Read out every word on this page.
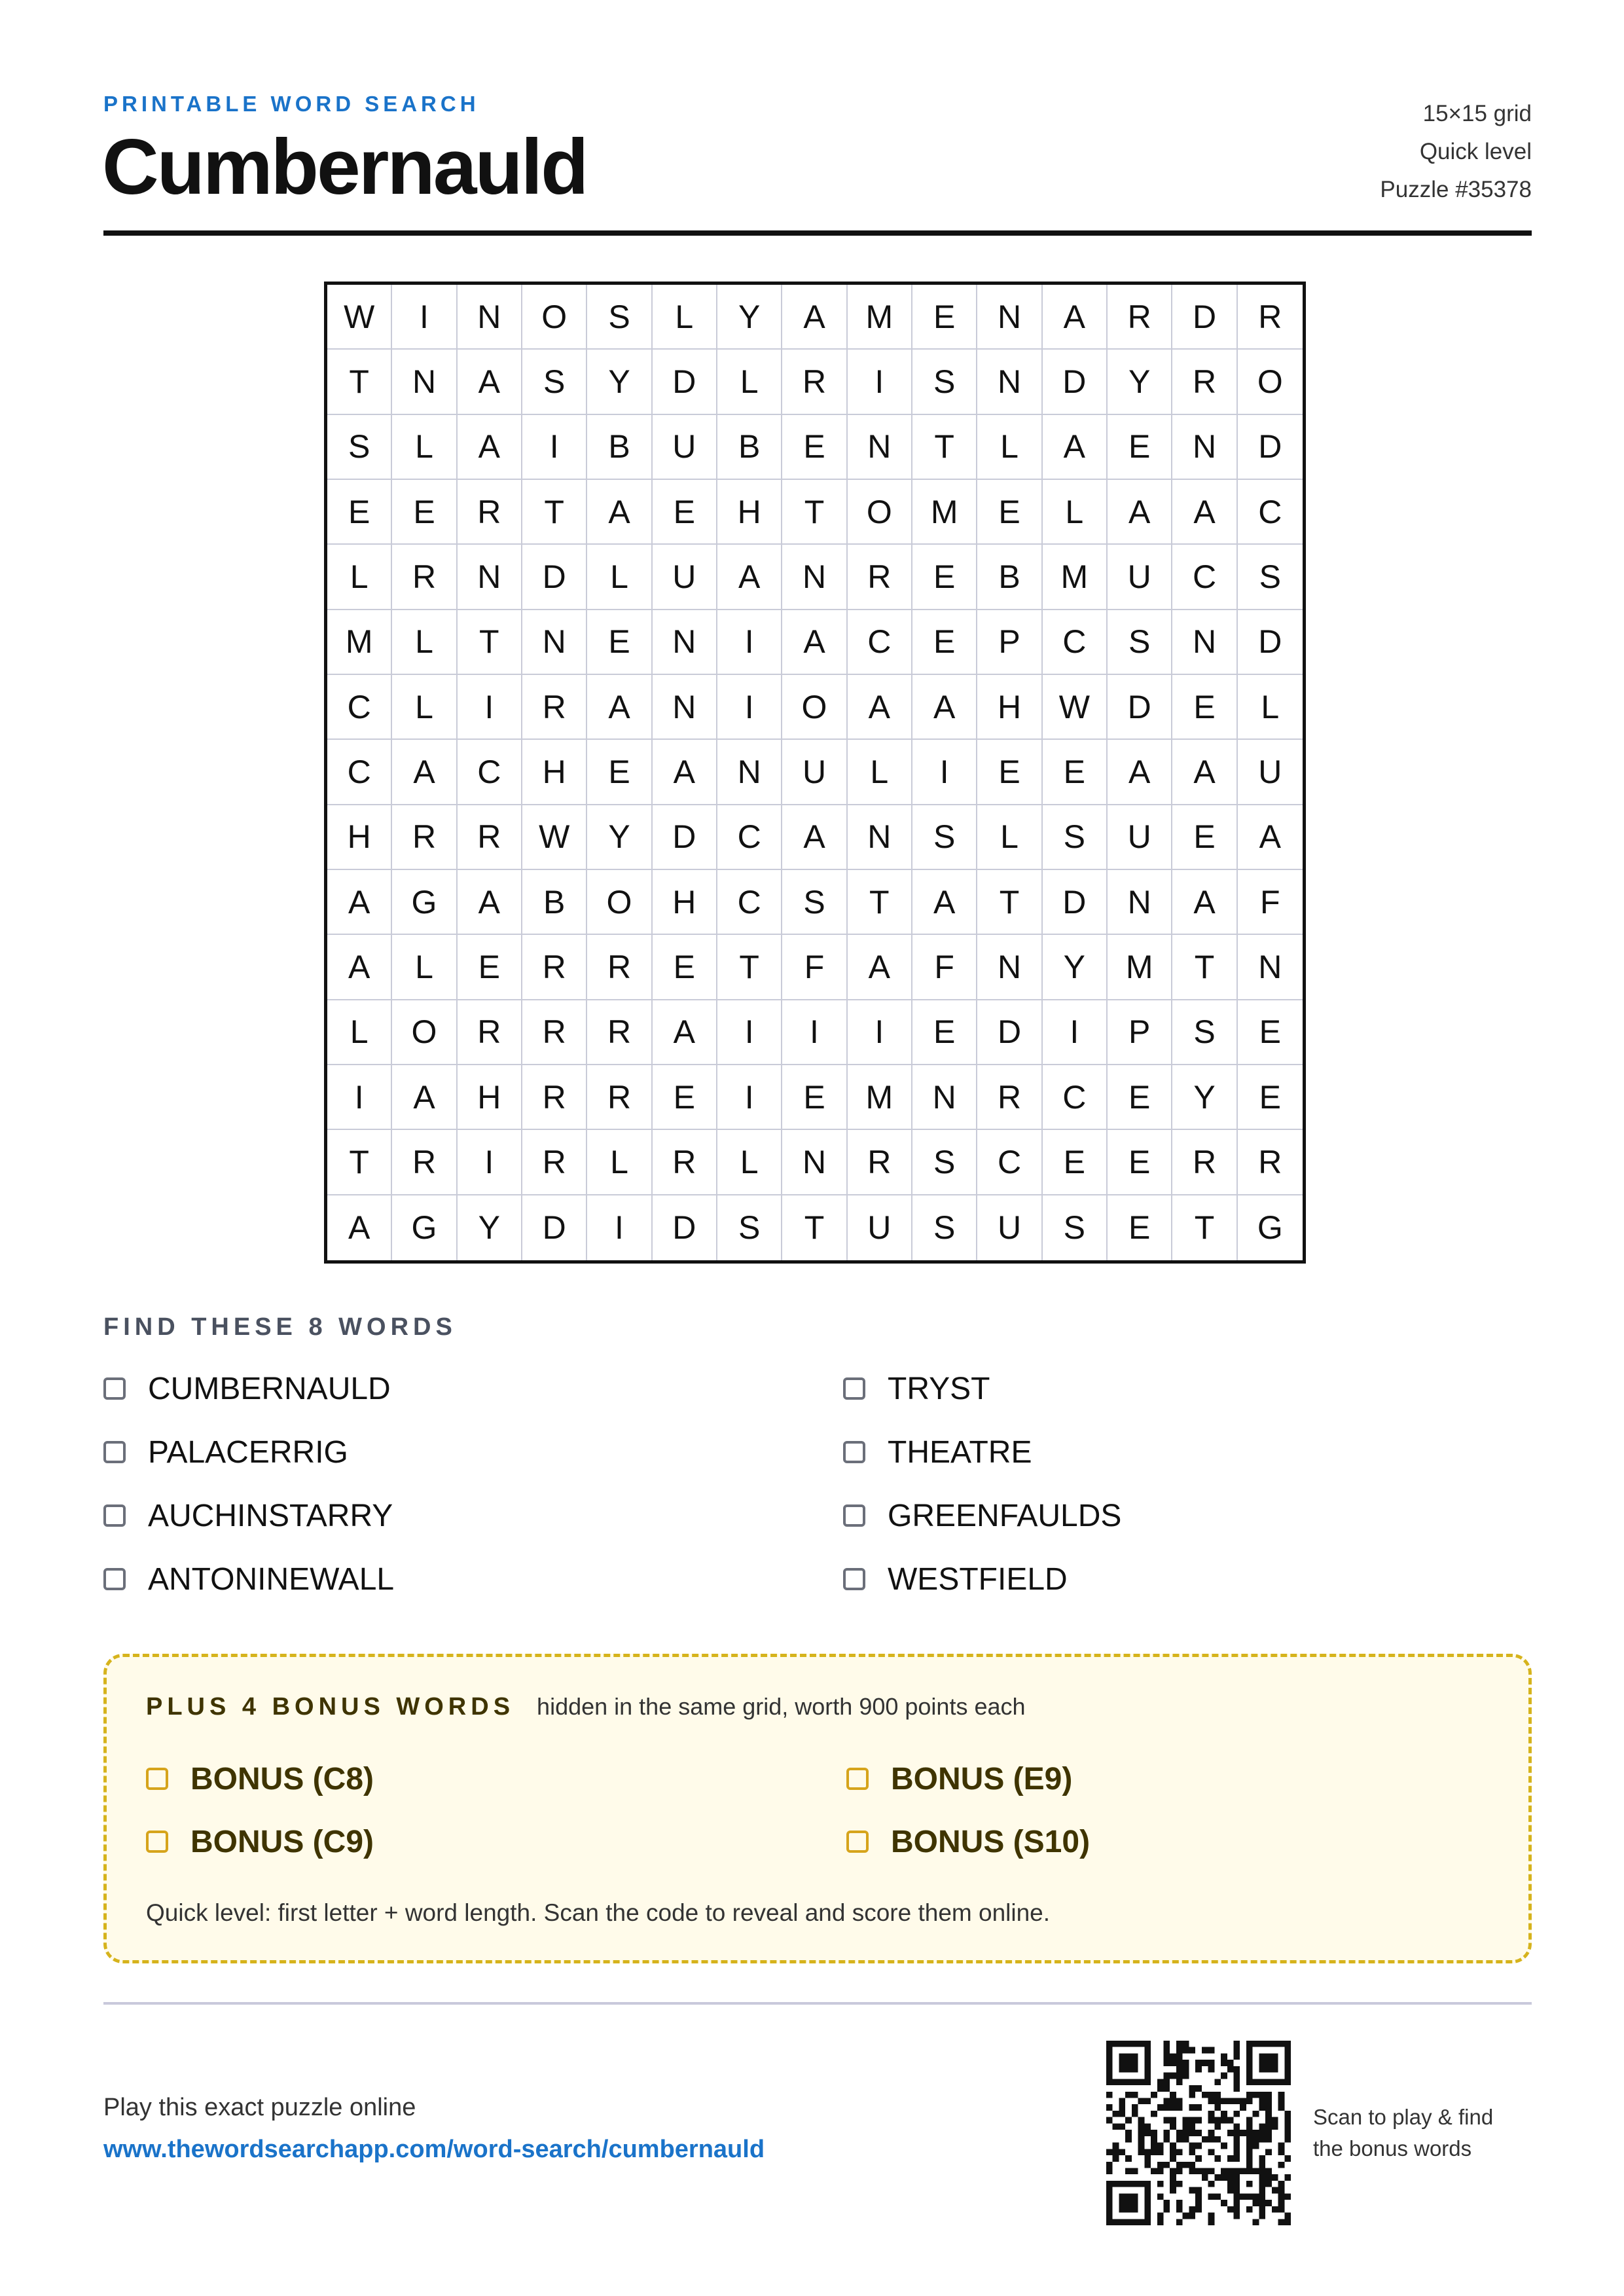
PRINTABLE WORD SEARCH
Cumbernauld
15×15 grid
Quick level
Puzzle #35378
W	I	N	O	S	L	Y	A	M	E	N	A	R	D	R
T	N	A	S	Y	D	L	R	I	S	N	D	Y	R	O
S	L	A	I	B	U	B	E	N	T	L	A	E	N	D
E	E	R	T	A	E	H	T	O	M	E	L	A	A	C
L	R	N	D	L	U	A	N	R	E	B	M	U	C	S
M	L	T	N	E	N	I	A	C	E	P	C	S	N	D
C	L	I	R	A	N	I	O	A	A	H	W	D	E	L
C	A	C	H	E	A	N	U	L	I	E	E	A	A	U
H	R	R	W	Y	D	C	A	N	S	L	S	U	E	A
A	G	A	B	O	H	C	S	T	A	T	D	N	A	F
A	L	E	R	R	E	T	F	A	F	N	Y	M	T	N
L	O	R	R	R	A	I	I	I	E	D	I	P	S	E
I	A	H	R	R	E	I	E	M	N	R	C	E	Y	E
T	R	I	R	L	R	L	N	R	S	C	E	E	R	R
A	G	Y	D	I	D	S	T	U	S	U	S	E	T	G
FIND THESE 8 WORDS
CUMBERNAULD	TRYST
PALACERRIG	THEATRE
AUCHINSTARRY	GREENFAULDS
ANTONINEWALL	WESTFIELD
PLUS 4 BONUS WORDS hidden in the same grid, worth 900 points each
BONUS (C8)	BONUS (E9)
BONUS (C9)	BONUS (S10)
Quick level: first letter + word length. Scan the code to reveal and score them online.
Play this exact puzzle online
www.thewordsearchapp.com/word-search/cumbernauld
Scan to play & find the bonus words
